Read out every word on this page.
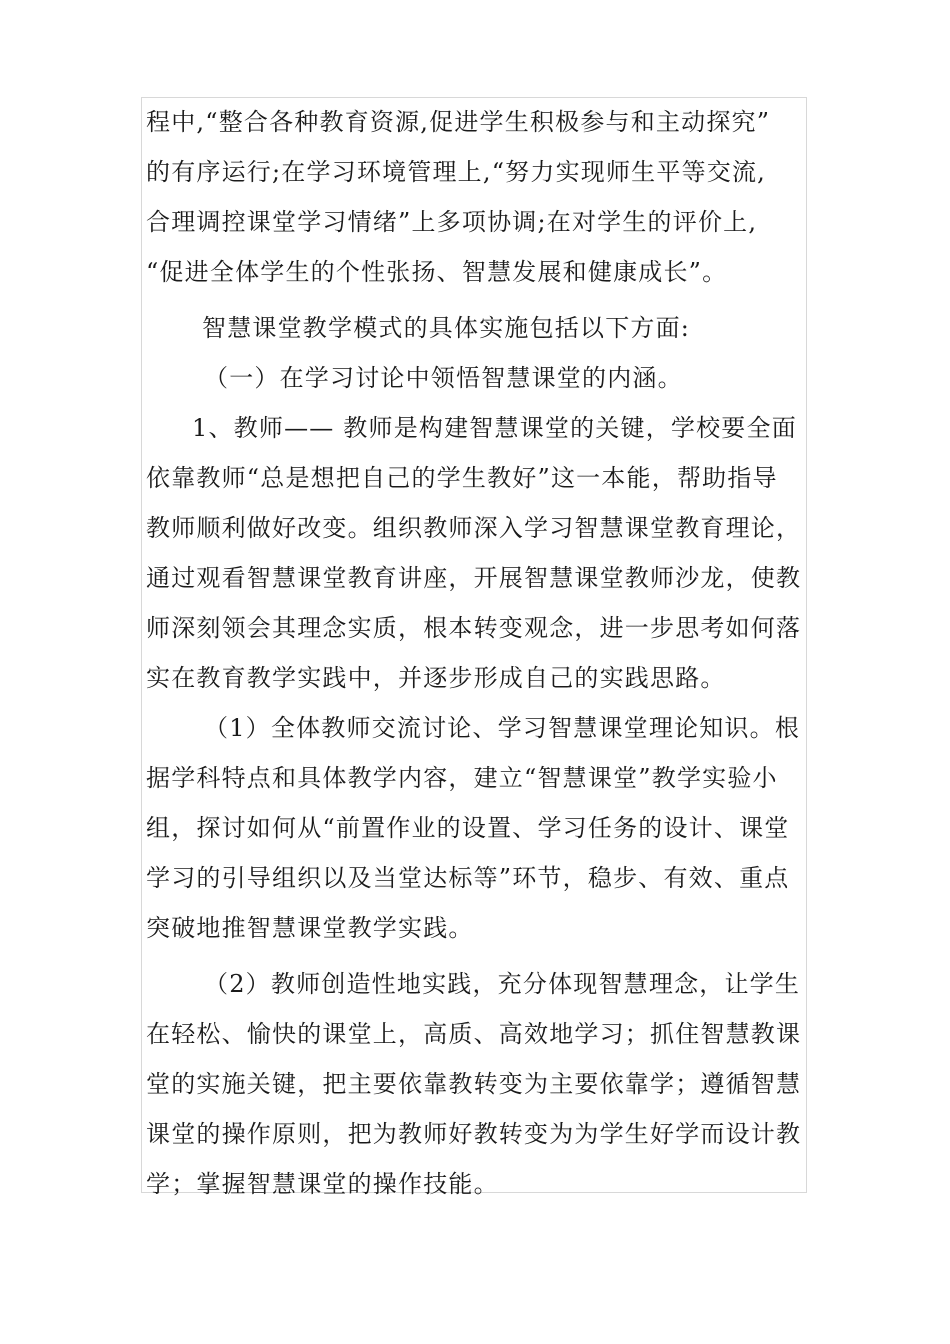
程中,“整合各种教育资源,促进学生积极参与和主动探究”
的有序运行;在学习环境管理上,“努力实现师生平等交流,
合理调控课堂学习情绪”上多项协调;在对学生的评价上,
“促进全体学生的个性张扬、智慧发展和健康成长”。
智慧课堂教学模式的具体实施包括以下方面:
（一）在学习讨论中领悟智慧课堂的内涵。
1、教师—— 教师是构建智慧课堂的关键，学校要全面
依靠教师“总是想把自己的学生教好”这一本能，帮助指导
教师顺利做好改变。组织教师深入学习智慧课堂教育理论，
通过观看智慧课堂教育讲座，开展智慧课堂教师沙龙，使教
师深刻领会其理念实质，根本转变观念，进一步思考如何落
实在教育教学实践中，并逐步形成自己的实践思路。
（1）全体教师交流讨论、学习智慧课堂理论知识。根
据学科特点和具体教学内容，建立“智慧课堂”教学实验小
组，探讨如何从“前置作业的设置、学习任务的设计、课堂
学习的引导组织以及当堂达标等”环节，稳步、有效、重点
突破地推智慧课堂教学实践。
（2）教师创造性地实践，充分体现智慧理念，让学生
在轻松、愉快的课堂上，高质、高效地学习；抓住智慧教课
堂的实施关键，把主要依靠教转变为主要依靠学；遵循智慧
课堂的操作原则，把为教师好教转变为为学生好学而设计教
学；掌握智慧课堂的操作技能。
